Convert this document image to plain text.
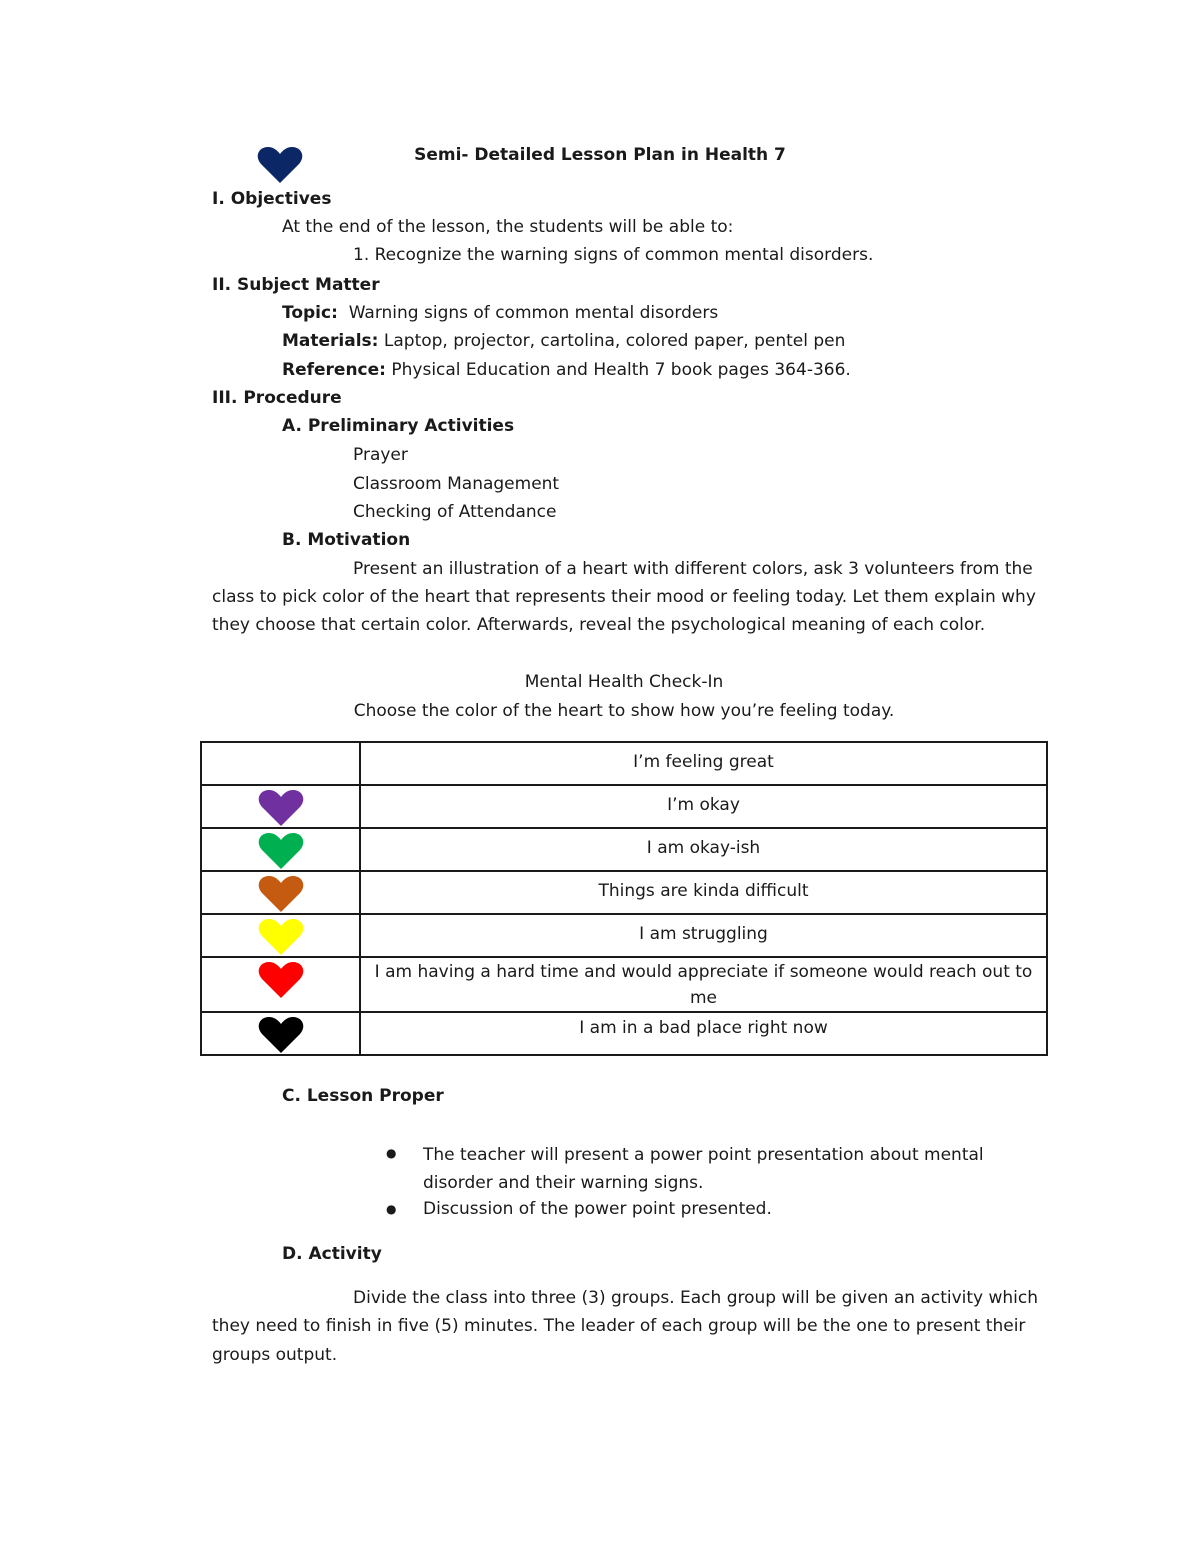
Semi- Detailed Lesson Plan in Health 7
I. Objectives
At the end of the lesson, the students will be able to:
1. Recognize the warning signs of common mental disorders.
II. Subject Matter
Topic: Warning signs of common mental disorders
Materials: Laptop, projector, cartolina, colored paper, pentel pen
Reference: Physical Education and Health 7 book pages 364-366.
III. Procedure
A. Preliminary Activities
Prayer
Classroom Management
Checking of Attendance
B. Motivation
Present an illustration of a heart with different colors, ask 3 volunteers from the
class to pick color of the heart that represents their mood or feeling today. Let them explain why
they choose that certain color. Afterwards, reveal the psychological meaning of each color.
Mental Health Check-In
Choose the color of the heart to show how you’re feeling today.
	I’m feeling great

	I’m okay

	I am okay-ish

	Things are kinda difficult

	I am struggling

	I am having a hard time and would appreciate if someone would reach out to me

	I am in a bad place right now
C. Lesson Proper
● The teacher will present a power point presentation about mental disorder and their warning signs.
● Discussion of the power point presented.
D. Activity
Divide the class into three (3) groups. Each group will be given an activity which
they need to finish in five (5) minutes. The leader of each group will be the one to present their
groups output.
